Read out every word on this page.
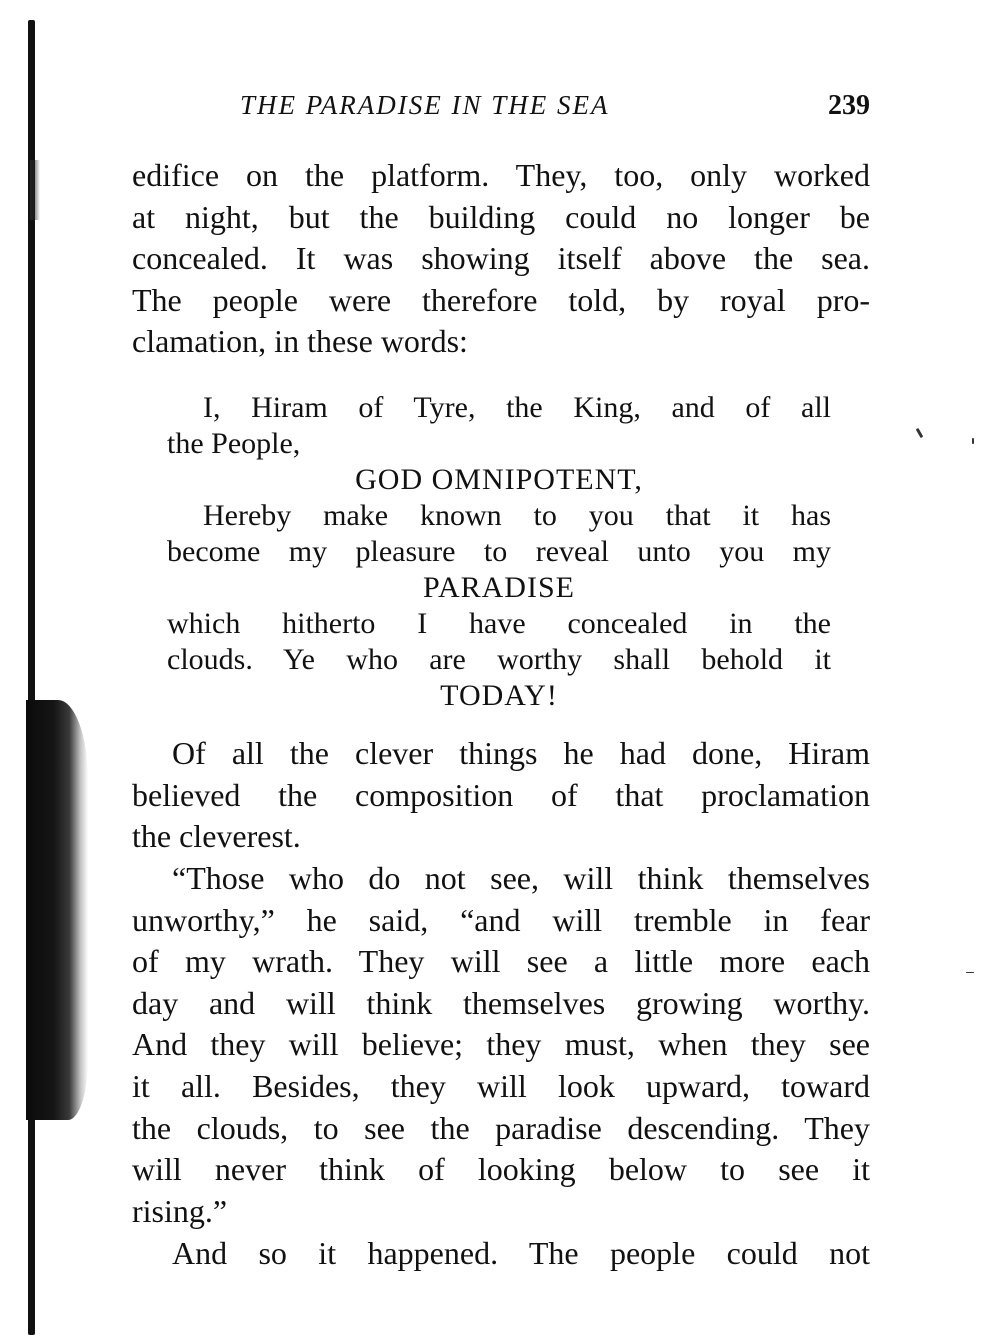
THE PARADISE IN THE SEA	239
edifice on the platform. They, too, only worked
at night, but the building could no longer be
concealed. It was showing itself above the sea.
The people were therefore told, by royal pro-
clamation, in these words:
I, Hiram of Tyre, the King, and of all
the People,
GOD OMNIPOTENT,
Hereby make known to you that it has
become my pleasure to reveal unto you my
PARADISE
which hitherto I have concealed in the
clouds. Ye who are worthy shall behold it
TODAY!
Of all the clever things he had done, Hiram
believed the composition of that proclamation
the cleverest.
“Those who do not see, will think themselves
unworthy,” he said, “and will tremble in fear
of my wrath. They will see a little more each
day and will think themselves growing worthy.
And they will believe; they must, when they see
it all. Besides, they will look upward, toward
the clouds, to see the paradise descending. They
will never think of looking below to see it
rising.”
And so it happened. The people could not
